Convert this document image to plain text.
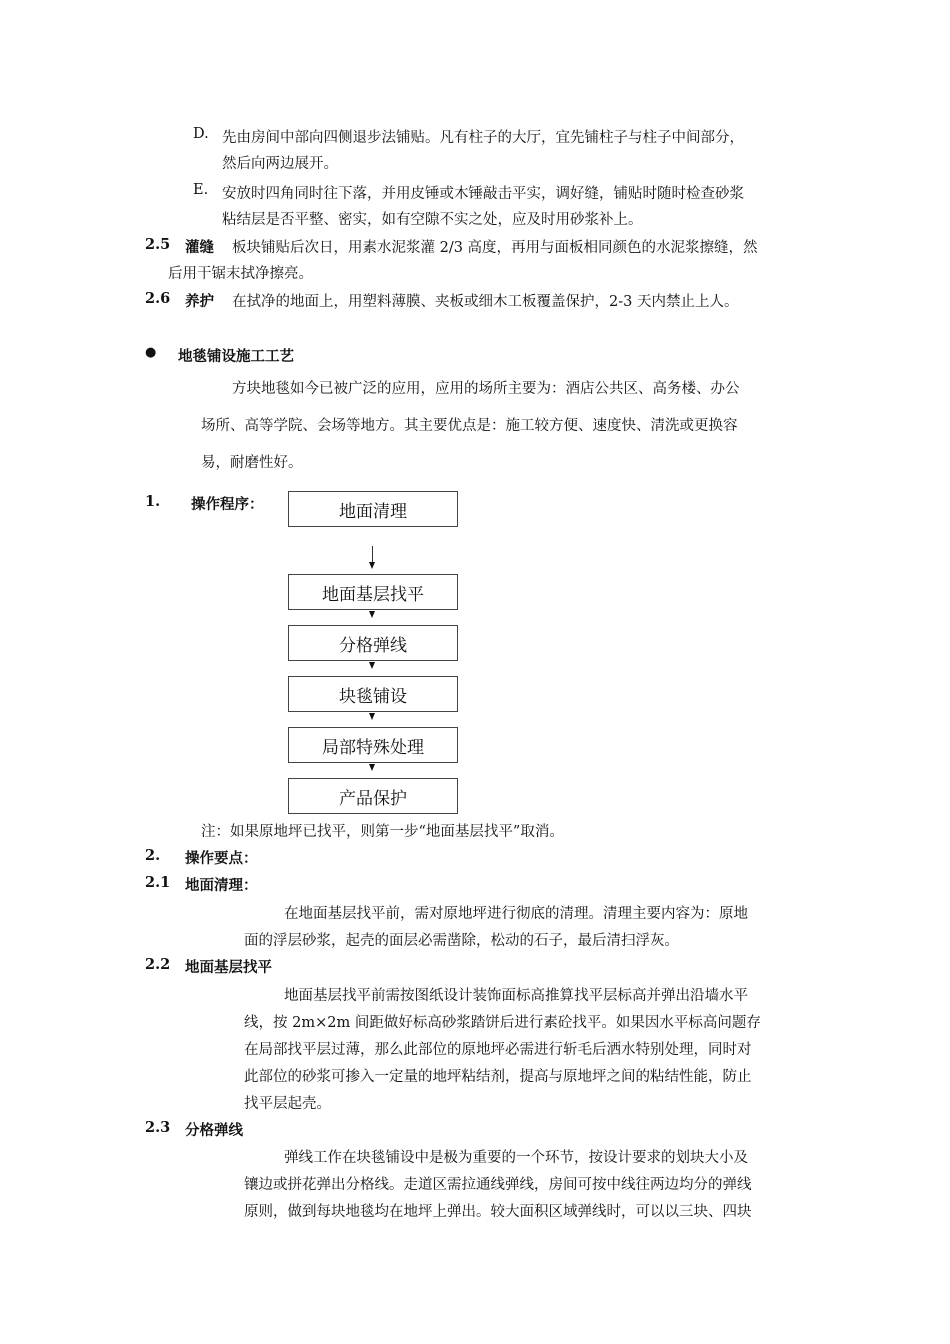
D. 先由房间中部向四侧退步法铺贴。凡有柱子的大厅，宜先铺柱子与柱子中间部分，
然后向两边展开。
E. 安放时四角同时往下落，并用皮锤或木锤敲击平实，调好缝，铺贴时随时检查砂浆
粘结层是否平整、密实，如有空隙不实之处，应及时用砂浆补上。
2.5 灌缝 板块铺贴后次日，用素水泥浆灌 2/3 高度，再用与面板相同颜色的水泥浆擦缝，然
后用干锯末拭净擦亮。
2.6 养护 在拭净的地面上，用塑料薄膜、夹板或细木工板覆盖保护，2-3 天内禁止上人。
● 地毯铺设施工工艺
方块地毯如今已被广泛的应用，应用的场所主要为：酒店公共区、高务楼、办公
场所、高等学院、会场等地方。其主要优点是：施工较方便、速度快、清洗或更换容
易，耐磨性好。
1. 操作程序：	地面清理
地面基层找平
分格弹线
块毯铺设
局部特殊处理
产品保护
注：如果原地坪已找平，则第一步“地面基层找平”取消。
2. 操作要点：
2.1 地面清理：
在地面基层找平前，需对原地坪进行彻底的清理。清理主要内容为：原地
面的浮层砂浆，起壳的面层必需凿除，松动的石子，最后清扫浮灰。
2.2 地面基层找平
地面基层找平前需按图纸设计装饰面标高推算找平层标高并弹出沿墙水平
线，按 2m×2m 间距做好标高砂浆踏饼后进行素砼找平。如果因水平标高问题存
在局部找平层过薄，那么此部位的原地坪必需进行斩毛后洒水特别处理，同时对
此部位的砂浆可掺入一定量的地坪粘结剂，提高与原地坪之间的粘结性能，防止
找平层起壳。
2.3 分格弹线
弹线工作在块毯铺设中是极为重要的一个环节，按设计要求的划块大小及
镶边或拼花弹出分格线。走道区需拉通线弹线，房间可按中线往两边均分的弹线
原则，做到每块地毯均在地坪上弹出。较大面积区域弹线时，可以以三块、四块
